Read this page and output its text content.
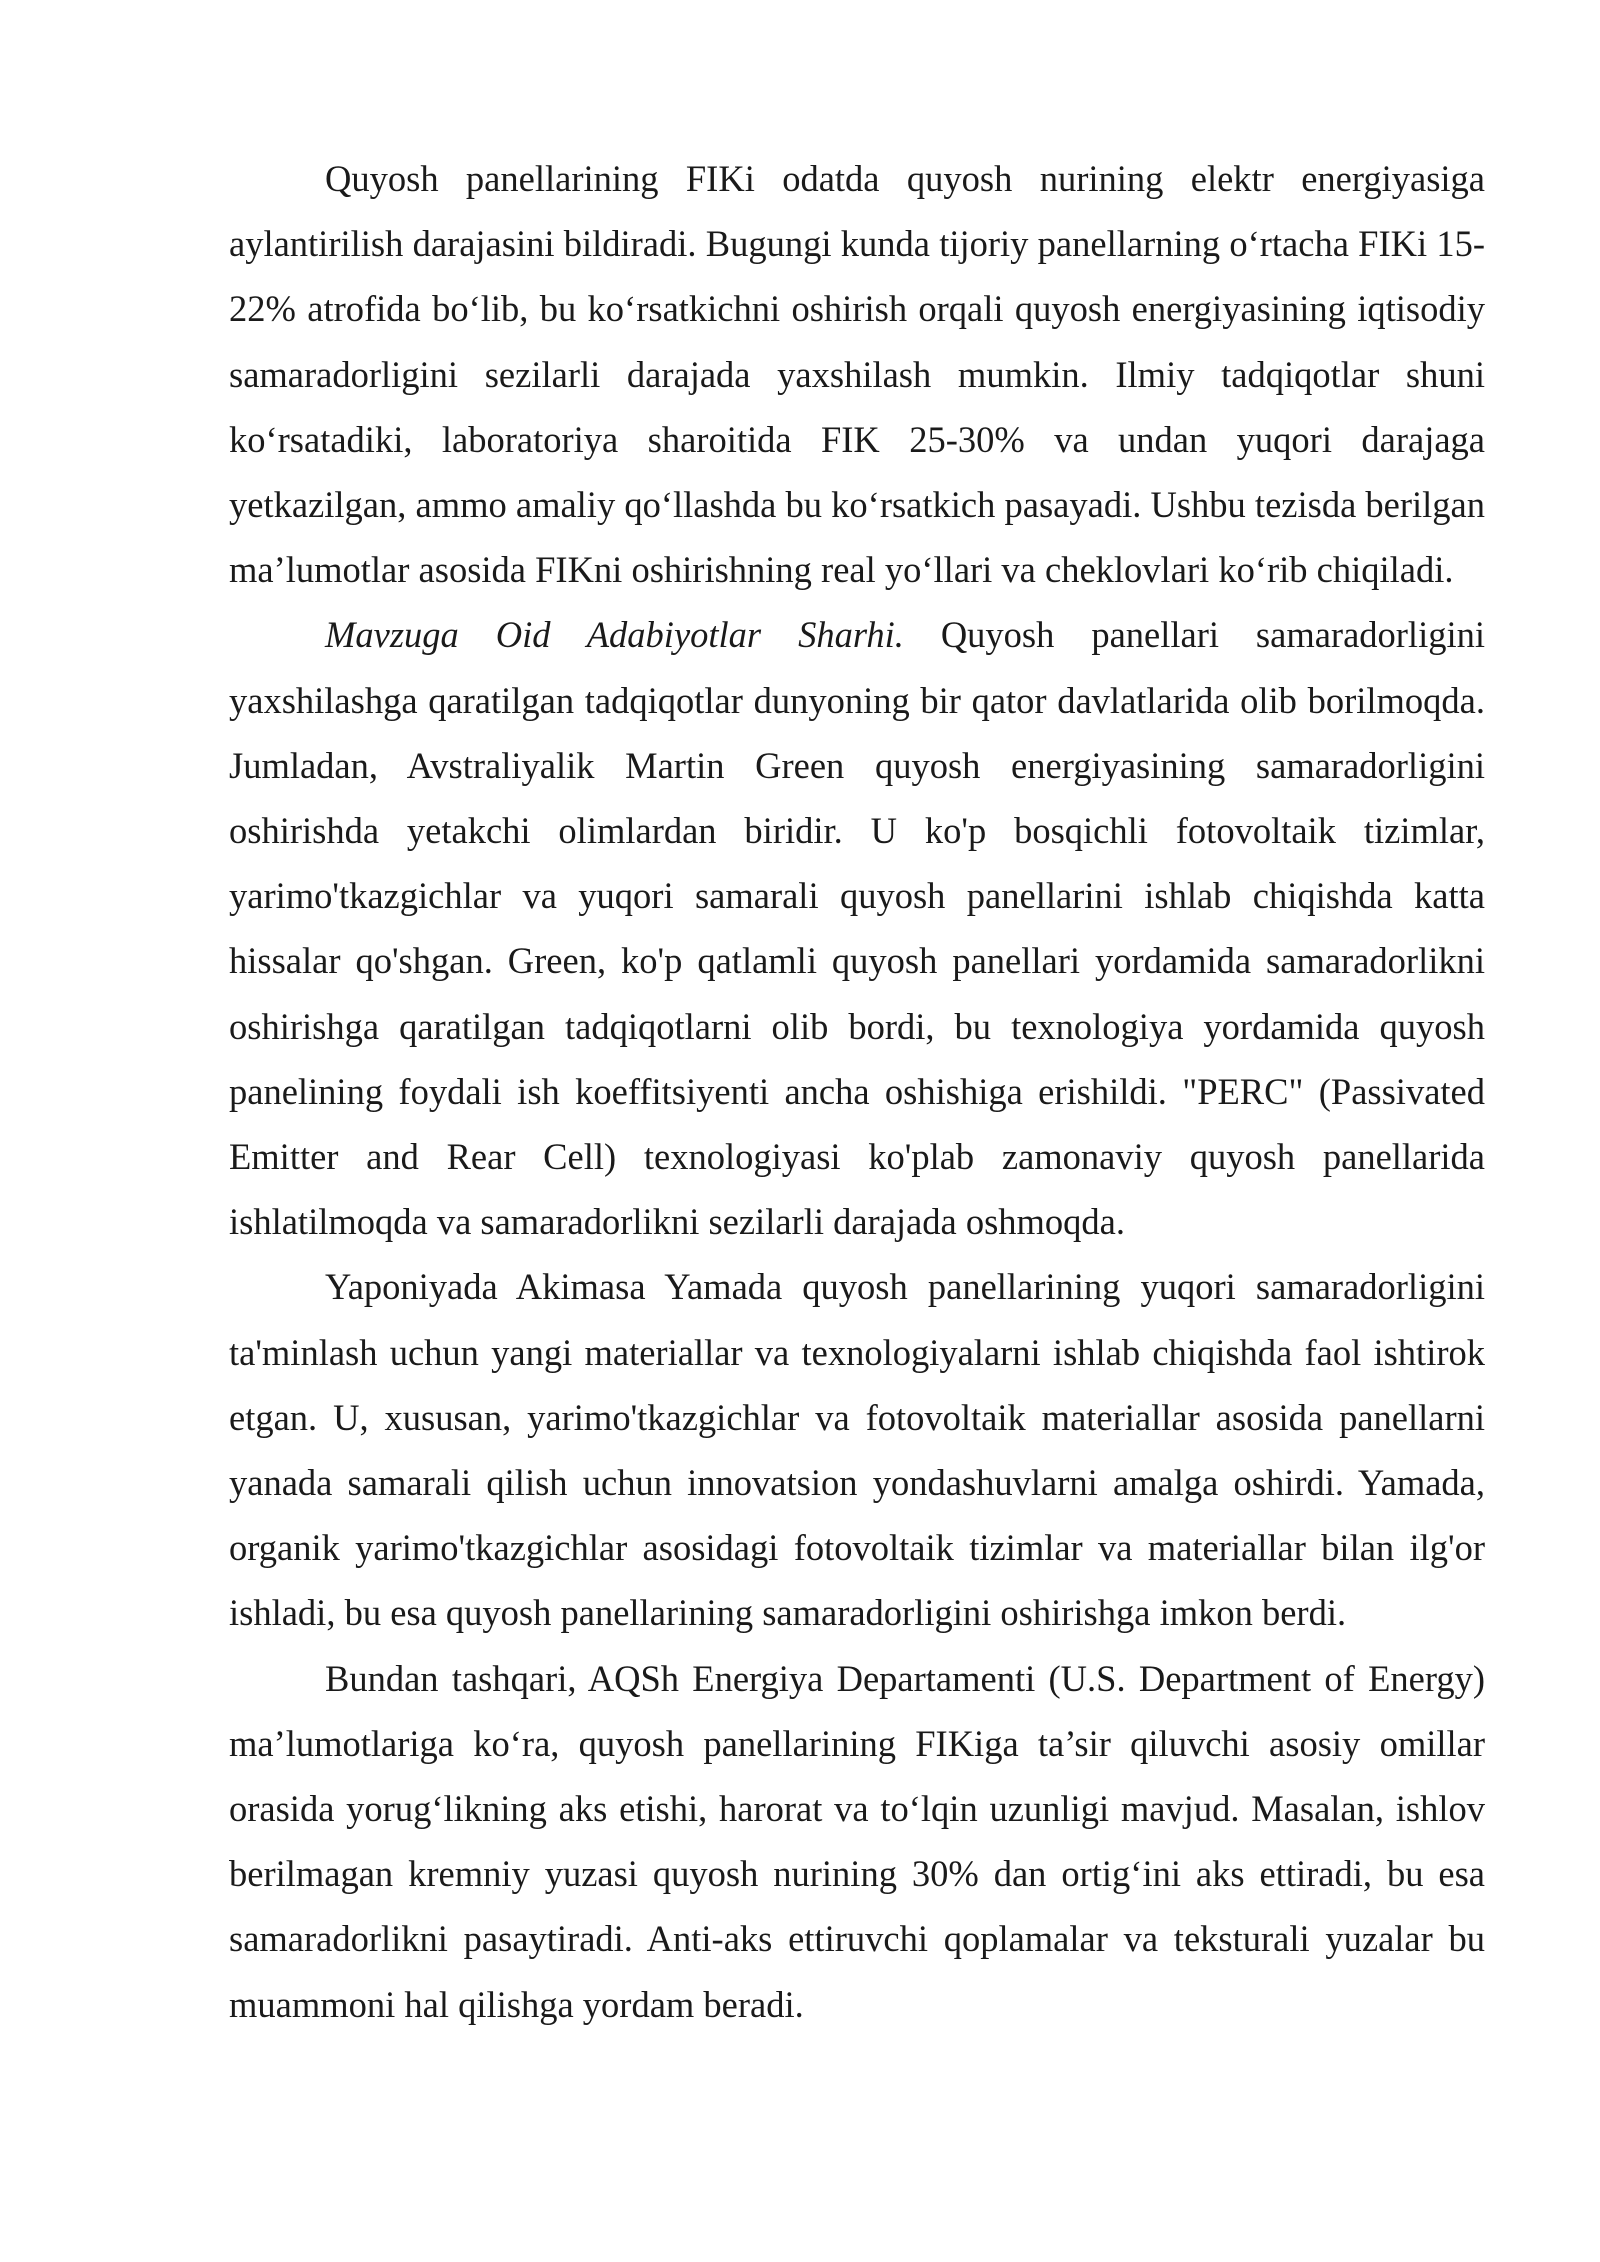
Quyosh panellarining FIKi odatda quyosh nurining elektr energiyasiga aylantirilish darajasini bildiradi. Bugungi kunda tijoriy panellarning o‘rtacha FIKi 15-22% atrofida bo‘lib, bu ko‘rsatkichni oshirish orqali quyosh energiyasining iqtisodiy samaradorligini sezilarli darajada yaxshilash mumkin. Ilmiy tadqiqotlar shuni ko‘rsatadiki, laboratoriya sharoitida FIK 25-30% va undan yuqori darajaga yetkazilgan, ammo amaliy qo‘llashda bu ko‘rsatkich pasayadi. Ushbu tezisda berilgan ma’lumotlar asosida FIKni oshirishning real yo‘llari va cheklovlari ko‘rib chiqiladi.

Mavzuga Oid Adabiyotlar Sharhi. Quyosh panellari samaradorligini yaxshilashga qaratilgan tadqiqotlar dunyoning bir qator davlatlarida olib borilmoqda. Jumladan, Avstraliyalik Martin Green quyosh energiyasining samaradorligini oshirishda yetakchi olimlardan biridir. U ko'p bosqichli fotovoltaik tizimlar, yarimo'tkazgichlar va yuqori samarali quyosh panellarini ishlab chiqishda katta hissalar qo'shgan. Green, ko'p qatlamli quyosh panellari yordamida samaradorlikni oshirishga qaratilgan tadqiqotlarni olib bordi, bu texnologiya yordamida quyosh panelining foydali ish koeffitsiyenti ancha oshishiga erishildi. "PERC" (Passivated Emitter and Rear Cell) texnologiyasi ko'plab zamonaviy quyosh panellarida ishlatilmoqda va samaradorlikni sezilarli darajada oshmoqda.

Yaponiyada Akimasa Yamada quyosh panellarining yuqori samaradorligini ta'minlash uchun yangi materiallar va texnologiyalarni ishlab chiqishda faol ishtirok etgan. U, xususan, yarimo'tkazgichlar va fotovoltaik materiallar asosida panellarni yanada samarali qilish uchun innovatsion yondashuvlarni amalga oshirdi. Yamada, organik yarimo'tkazgichlar asosidagi fotovoltaik tizimlar va materiallar bilan ilg'or ishladi, bu esa quyosh panellarining samaradorligini oshirishga imkon berdi.

Bundan tashqari, AQSh Energiya Departamenti (U.S. Department of Energy) ma’lumotlariga ko‘ra, quyosh panellarining FIKiga ta’sir qiluvchi asosiy omillar orasida yorug‘likning aks etishi, harorat va to‘lqin uzunligi mavjud. Masalan, ishlov berilmagan kremniy yuzasi quyosh nurining 30% dan ortig‘ini aks ettiradi, bu esa samaradorlikni pasaytiradi. Anti-aks ettiruvchi qoplamalar va teksturali yuzalar bu muammoni hal qilishga yordam beradi.
